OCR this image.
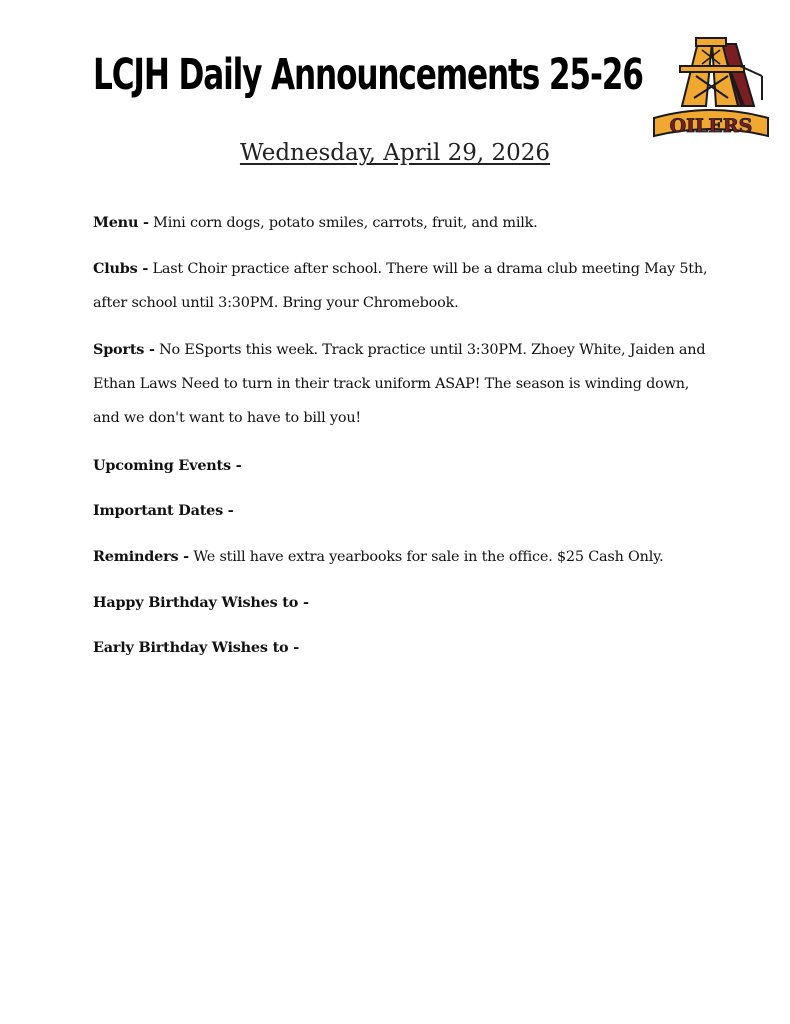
LCJH Daily Announcements 25-26
OILERS
Wednesday, April 29, 2026
Menu - Mini corn dogs, potato smiles, carrots, fruit, and milk.
Clubs - Last Choir practice after school. There will be a drama club meeting May 5th, after school until 3:30PM. Bring your Chromebook.
Sports - No ESports this week. Track practice until 3:30PM. Zhoey White, Jaiden and Ethan Laws Need to turn in their track uniform ASAP! The season is winding down, and we don't want to have to bill you!
Upcoming Events -
Important Dates -
Reminders - We still have extra yearbooks for sale in the office. $25 Cash Only.
Happy Birthday Wishes to -
Early Birthday Wishes to -
